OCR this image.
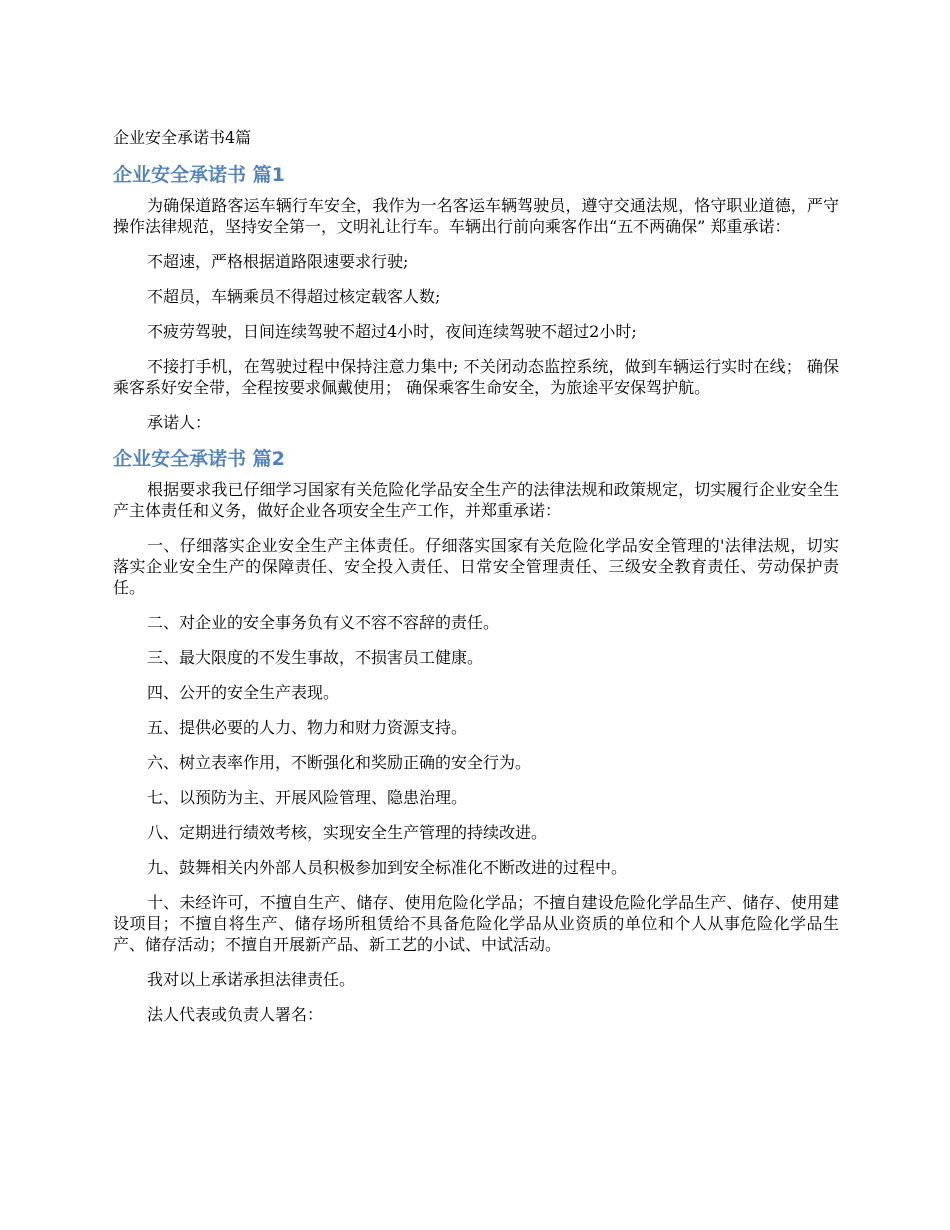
企业安全承诺书4篇
企业安全承诺书 篇1

为确保道路客运车辆行车安全，我作为一名客运车辆驾驶员，遵守交通法规，恪守职业道德，严守操作法律规范，坚持安全第一，文明礼让行车。车辆出行前向乘客作出“五不两确保” 郑重承诺：

不超速，严格根据道路限速要求行驶;

不超员，车辆乘员不得超过核定载客人数;

不疲劳驾驶，日间连续驾驶不超过4小时，夜间连续驾驶不超过2小时;

不接打手机，在驾驶过程中保持注意力集中; 不关闭动态监控系统，做到车辆运行实时在线； 确保乘客系好安全带，全程按要求佩戴使用； 确保乘客生命安全，为旅途平安保驾护航。

承诺人：

企业安全承诺书 篇2

根据要求我已仔细学习国家有关危险化学品安全生产的法律法规和政策规定，切实履行企业安全生产主体责任和义务，做好企业各项安全生产工作，并郑重承诺：

一、仔细落实企业安全生产主体责任。仔细落实国家有关危险化学品安全管理的'法律法规，切实落实企业安全生产的保障责任、安全投入责任、日常安全管理责任、三级安全教育责任、劳动保护责任。

二、对企业的安全事务负有义不容不容辞的责任。

三、最大限度的不发生事故，不损害员工健康。

四、公开的安全生产表现。

五、提供必要的人力、物力和财力资源支持。

六、树立表率作用，不断强化和奖励正确的安全行为。

七、以预防为主、开展风险管理、隐患治理。

八、定期进行绩效考核，实现安全生产管理的持续改进。

九、鼓舞相关内外部人员积极参加到安全标准化不断改进的过程中。

十、未经许可，不擅自生产、储存、使用危险化学品；不擅自建设危险化学品生产、储存、使用建设项目；不擅自将生产、储存场所租赁给不具备危险化学品从业资质的单位和个人从事危险化学品生产、储存活动；不擅自开展新产品、新工艺的小试、中试活动。

我对以上承诺承担法律责任。

法人代表或负责人署名：
